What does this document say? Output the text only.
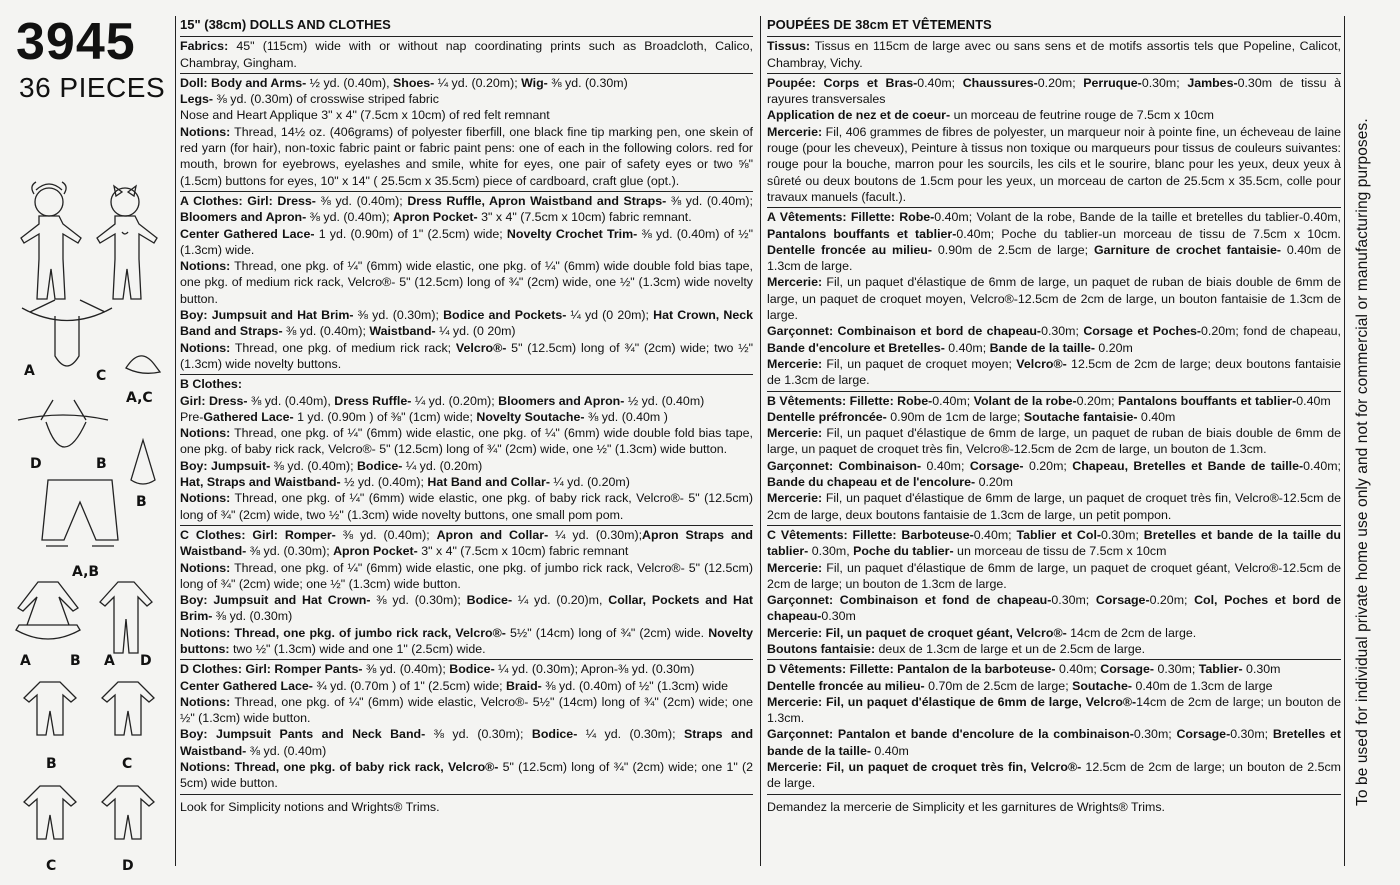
3945
36 PIECES
A	C
A,C
D	B
B
A,B
A	B A D
B	C
C	D
15" (38cm) DOLLS AND CLOTHES

Fabrics: 45" (115cm) wide with or without nap coordinating prints such as Broadcloth, Calico, Chambray, Gingham.

Doll: Body and Arms- ½ yd. (0.40m), Shoes- ¼ yd. (0.20m); Wig- ⅜ yd. (0.30m)

Legs- ⅜ yd. (0.30m) of crosswise striped fabric

Nose and Heart Applique 3" x 4" (7.5cm x 10cm) of red felt remnant

Notions: Thread, 14½ oz. (406grams) of polyester fiberfill, one black fine tip marking pen, one skein of red yarn (for hair), non-toxic fabric paint or fabric paint pens: one of each in the following colors. red for mouth, brown for eyebrows, eyelashes and smile, white for eyes, one pair of safety eyes or two ⅝" (1.5cm) buttons for eyes, 10" x 14" ( 25.5cm x 35.5cm) piece of cardboard, craft glue (opt.).

A Clothes: Girl: Dress- ⅜ yd. (0.40m); Dress Ruffle, Apron Waistband and Straps- ⅜ yd. (0.40m); Bloomers and Apron- ⅜ yd. (0.40m); Apron Pocket- 3" x 4" (7.5cm x 10cm) fabric remnant.

Center Gathered Lace- 1 yd. (0.90m) of 1" (2.5cm) wide; Novelty Crochet Trim- ⅜ yd. (0.40m) of ½" (1.3cm) wide.

Notions: Thread, one pkg. of ¼" (6mm) wide elastic, one pkg. of ¼" (6mm) wide double fold bias tape, one pkg. of medium rick rack, Velcro®- 5" (12.5cm) long of ¾" (2cm) wide, one ½" (1.3cm) wide novelty button.

Boy: Jumpsuit and Hat Brim- ⅜ yd. (0.30m); Bodice and Pockets- ¼ yd (0 20m); Hat Crown, Neck Band and Straps- ⅜ yd. (0.40m); Waistband- ¼ yd. (0 20m)

Notions: Thread, one pkg. of medium rick rack; Velcro®- 5" (12.5cm) long of ¾" (2cm) wide; two ½" (1.3cm) wide novelty buttons.

B Clothes:

Girl: Dress- ⅜ yd. (0.40m), Dress Ruffle- ¼ yd. (0.20m); Bloomers and Apron- ½ yd. (0.40m)

Pre-Gathered Lace- 1 yd. (0.90m ) of ⅜" (1cm) wide; Novelty Soutache- ⅜ yd. (0.40m )

Notions: Thread, one pkg. of ¼" (6mm) wide elastic, one pkg. of ¼" (6mm) wide double fold bias tape, one pkg. of baby rick rack, Velcro®- 5" (12.5cm) long of ¾" (2cm) wide, one ½" (1.3cm) wide button.

Boy: Jumpsuit- ⅜ yd. (0.40m); Bodice- ¼ yd. (0.20m)

Hat, Straps and Waistband- ½ yd. (0.40m); Hat Band and Collar- ¼ yd. (0.20m)

Notions: Thread, one pkg. of ¼" (6mm) wide elastic, one pkg. of baby rick rack, Velcro®- 5" (12.5cm) long of ¾" (2cm) wide, two ½" (1.3cm) wide novelty buttons, one small pom pom.

C Clothes: Girl: Romper- ⅜ yd. (0.40m); Apron and Collar- ¼ yd. (0.30m);Apron Straps and Waistband- ⅜ yd. (0.30m); Apron Pocket- 3" x 4" (7.5cm x 10cm) fabric remnant

Notions: Thread, one pkg. of ¼" (6mm) wide elastic, one pkg. of jumbo rick rack, Velcro®- 5" (12.5cm) long of ¾" (2cm) wide; one ½" (1.3cm) wide button.

Boy: Jumpsuit and Hat Crown- ⅜ yd. (0.30m); Bodice- ¼ yd. (0.20)m, Collar, Pockets and Hat Brim- ⅜ yd. (0.30m)

Notions: Thread, one pkg. of jumbo rick rack, Velcro®- 5½" (14cm) long of ¾" (2cm) wide. Novelty buttons: two ½" (1.3cm) wide and one 1" (2.5cm) wide.

D Clothes: Girl: Romper Pants- ⅜ yd. (0.40m); Bodice- ¼ yd. (0.30m); Apron-⅜ yd. (0.30m)

Center Gathered Lace- ¾ yd. (0.70m ) of 1" (2.5cm) wide; Braid- ⅜ yd. (0.40m) of ½" (1.3cm) wide

Notions: Thread, one pkg. of ¼" (6mm) wide elastic, Velcro®- 5½" (14cm) long of ¾" (2cm) wide; one ½" (1.3cm) wide button.

Boy: Jumpsuit Pants and Neck Band- ⅜ yd. (0.30m); Bodice- ¼ yd. (0.30m); Straps and Waistband- ⅜ yd. (0.40m)

Notions: Thread, one pkg. of baby rick rack, Velcro®- 5" (12.5cm) long of ¾" (2cm) wide; one 1" (2 5cm) wide button.

Look for Simplicity notions and Wrights® Trims.

POUPÉES DE 38cm ET VÊTEMENTS

Tissus: Tissus en 115cm de large avec ou sans sens et de motifs assortis tels que Popeline, Calicot, Chambray, Vichy.

Poupée: Corps et Bras-0.40m; Chaussures-0.20m; Perruque-0.30m; Jambes-0.30m de tissu à rayures transversales

Application de nez et de coeur- un morceau de feutrine rouge de 7.5cm x 10cm

Mercerie: Fil, 406 grammes de fibres de polyester, un marqueur noir à pointe fine, un écheveau de laine rouge (pour les cheveux), Peinture à tissus non toxique ou marqueurs pour tissus de couleurs suivantes: rouge pour la bouche, marron pour les sourcils, les cils et le sourire, blanc pour les yeux, deux yeux à sûreté ou deux boutons de 1.5cm pour les yeux, un morceau de carton de 25.5cm x 35.5cm, colle pour travaux manuels (facult.).

A Vêtements: Fillette: Robe-0.40m; Volant de la robe, Bande de la taille et bretelles du tablier-0.40m, Pantalons bouffants et tablier-0.40m; Poche du tablier-un morceau de tissu de 7.5cm x 10cm. Dentelle froncée au milieu- 0.90m de 2.5cm de large; Garniture de crochet fantaisie- 0.40m de 1.3cm de large.

Mercerie: Fil, un paquet d'élastique de 6mm de large, un paquet de ruban de biais double de 6mm de large, un paquet de croquet moyen, Velcro®-12.5cm de 2cm de large, un bouton fantaisie de 1.3cm de large.

Garçonnet: Combinaison et bord de chapeau-0.30m; Corsage et Poches-0.20m; fond de chapeau, Bande d'encolure et Bretelles- 0.40m; Bande de la taille- 0.20m

Mercerie: Fil, un paquet de croquet moyen; Velcro®- 12.5cm de 2cm de large; deux boutons fantaisie de 1.3cm de large.

B Vêtements: Fillette: Robe-0.40m; Volant de la robe-0.20m; Pantalons bouffants et tablier-0.40m

Dentelle préfroncée- 0.90m de 1cm de large; Soutache fantaisie- 0.40m

Mercerie: Fil, un paquet d'élastique de 6mm de large, un paquet de ruban de biais double de 6mm de large, un paquet de croquet très fin, Velcro®-12.5cm de 2cm de large, un bouton de 1.3cm.

Garçonnet: Combinaison- 0.40m; Corsage- 0.20m; Chapeau, Bretelles et Bande de taille-0.40m; Bande du chapeau et de l'encolure- 0.20m

Mercerie: Fil, un paquet d'élastique de 6mm de large, un paquet de croquet très fin, Velcro®-12.5cm de 2cm de large, deux boutons fantaisie de 1.3cm de large, un petit pompon.

C Vêtements: Fillette: Barboteuse-0.40m; Tablier et Col-0.30m; Bretelles et bande de la taille du tablier- 0.30m, Poche du tablier- un morceau de tissu de 7.5cm x 10cm

Mercerie: Fil, un paquet d'élastique de 6mm de large, un paquet de croquet géant, Velcro®-12.5cm de 2cm de large; un bouton de 1.3cm de large.

Garçonnet: Combinaison et fond de chapeau-0.30m; Corsage-0.20m; Col, Poches et bord de chapeau-0.30m

Mercerie: Fil, un paquet de croquet géant, Velcro®- 14cm de 2cm de large.

Boutons fantaisie: deux de 1.3cm de large et un de 2.5cm de large.

D Vêtements: Fillette: Pantalon de la barboteuse- 0.40m; Corsage- 0.30m; Tablier- 0.30m

Dentelle froncée au milieu- 0.70m de 2.5cm de large; Soutache- 0.40m de 1.3cm de large

Mercerie: Fil, un paquet d'élastique de 6mm de large, Velcro®-14cm de 2cm de large; un bouton de 1.3cm.

Garçonnet: Pantalon et bande d'encolure de la combinaison-0.30m; Corsage-0.30m; Bretelles et bande de la taille- 0.40m

Mercerie: Fil, un paquet de croquet très fin, Velcro®- 12.5cm de 2cm de large; un bouton de 2.5cm de large.

Demandez la mercerie de Simplicity et les garnitures de Wrights® Trims.

To be used for individual private home use only and not for commercial or manufacturing purposes.
